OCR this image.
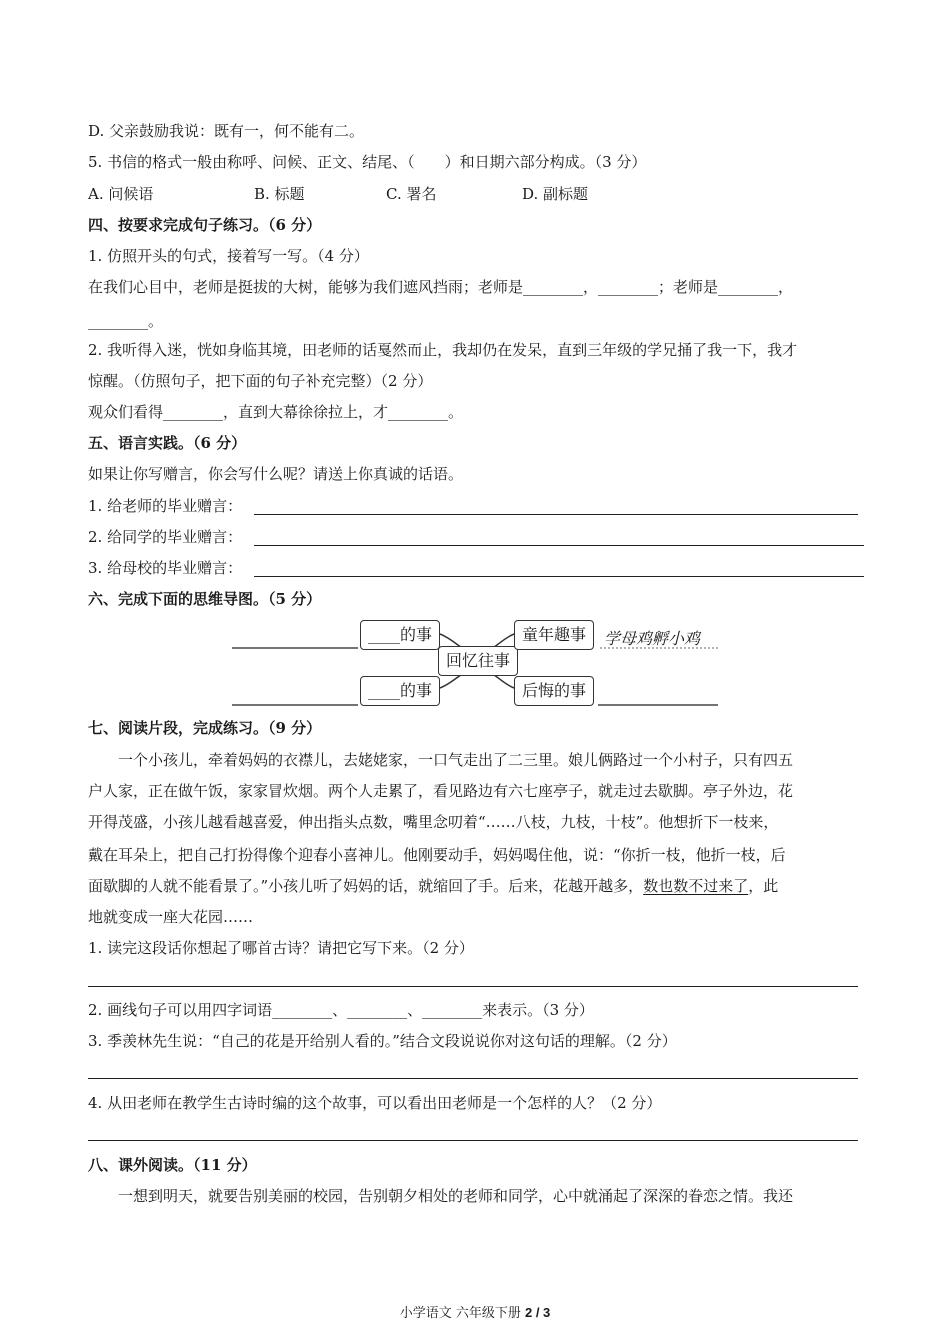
D. 父亲鼓励我说：既有一，何不能有二。
5. 书信的格式一般由称呼、问候、正文、结尾、（　　）和日期六部分构成。（3 分）
A. 问候语	B. 标题	C. 署名	D. 副标题
四、按要求完成句子练习。（6 分）
1. 仿照开头的句式，接着写一写。（4 分）
在我们心目中，老师是挺拔的大树，能够为我们遮风挡雨；老师是________，________；老师是________，
________。
2. 我听得入迷，恍如身临其境，田老师的话戛然而止，我却仍在发呆，直到三年级的学兄捅了我一下，我才
惊醒。（仿照句子，把下面的句子补充完整）（2 分）
观众们看得________，直到大幕徐徐拉上，才________。
五、语言实践。（6 分）
如果让你写赠言，你会写什么呢？请送上你真诚的话语。
1. 给老师的毕业赠言：
2. 给同学的毕业赠言：
3. 给母校的毕业赠言：
六、完成下面的思维导图。（5 分）
____的事
____的事
回忆往事
童年趣事
后悔的事
学母鸡孵小鸡
七、阅读片段，完成练习。（9 分）
一个小孩儿，牵着妈妈的衣襟儿，去姥姥家，一口气走出了二三里。娘儿俩路过一个小村子，只有四五
户人家，正在做午饭，家家冒炊烟。两个人走累了，看见路边有六七座亭子，就走过去歇脚。亭子外边，花
开得茂盛，小孩儿越看越喜爱，伸出指头点数，嘴里念叨着“……八枝，九枝，十枝”。他想折下一枝来，
戴在耳朵上，把自己打扮得像个迎春小喜神儿。他刚要动手，妈妈喝住他，说：“你折一枝，他折一枝，后
面歇脚的人就不能看景了。”小孩儿听了妈妈的话，就缩回了手。后来，花越开越多，数也数不过来了，此
地就变成一座大花园……
1. 读完这段话你想起了哪首古诗？请把它写下来。（2 分）
2. 画线句子可以用四字词语________、________、________来表示。（3 分）
3. 季羡林先生说：“自己的花是开给别人看的。”结合文段说说你对这句话的理解。（2 分）
4. 从田老师在教学生古诗时编的这个故事，可以看出田老师是一个怎样的人？（2 分）
八、课外阅读。（11 分）
一想到明天，就要告别美丽的校园，告别朝夕相处的老师和同学，心中就涌起了深深的眷恋之情。我还
小学语文 六年级下册 2 / 3
